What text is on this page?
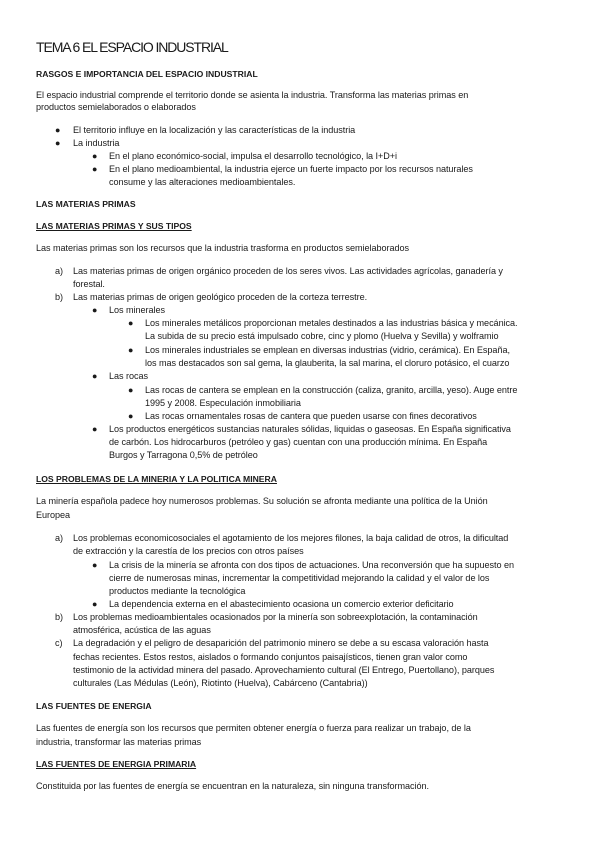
TEMA 6 EL ESPACIO INDUSTRIAL
RASGOS E IMPORTANCIA DEL ESPACIO INDUSTRIAL
El espacio industrial comprende el territorio donde se asienta la industria. Transforma las materias primas en
productos semielaborados o elaborados
● El territorio influye en la localización y las características de la industria
● La industria
● En el plano económico-social, impulsa el desarrollo tecnológico, la I+D+i
● En el plano medioambiental, la industria ejerce un fuerte impacto por los recursos naturales
consume y las alteraciones medioambientales.
LAS MATERIAS PRIMAS
LAS MATERIAS PRIMAS Y SUS TIPOS
Las materias primas son los recursos que la industria trasforma en productos semielaborados
a) Las materias primas de origen orgánico proceden de los seres vivos. Las actividades agrícolas, ganadería y
forestal.
b) Las materias primas de origen geológico proceden de la corteza terrestre.
● Los minerales
● Los minerales metálicos proporcionan metales destinados a las industrias básica y mecánica.
La subida de su precio está impulsado cobre, cinc y plomo (Huelva y Sevilla) y wolframio
● Los minerales industriales se emplean en diversas industrias (vidrio, cerámica). En España,
los mas destacados son sal gema, la glauberita, la sal marina, el cloruro potásico, el cuarzo
● Las rocas
● Las rocas de cantera se emplean en la construcción (caliza, granito, arcilla, yeso). Auge entre
1995 y 2008. Especulación inmobiliaria
● Las rocas ornamentales rosas de cantera que pueden usarse con fines decorativos
● Los productos energéticos sustancias naturales sólidas, liquidas o gaseosas. En España significativa
de carbón. Los hidrocarburos (petróleo y gas) cuentan con una producción mínima. En España
Burgos y Tarragona 0,5% de petróleo
LOS PROBLEMAS DE LA MINERIA Y LA POLITICA MINERA
La minería española padece hoy numerosos problemas. Su solución se afronta mediante una política de la Unión
Europea
a) Los problemas economicosociales el agotamiento de los mejores filones, la baja calidad de otros, la dificultad
de extracción y la carestía de los precios con otros países
● La crisis de la minería se afronta con dos tipos de actuaciones. Una reconversión que ha supuesto en
cierre de numerosas minas, incrementar la competitividad mejorando la calidad y el valor de los
productos mediante la tecnológica
● La dependencia externa en el abastecimiento ocasiona un comercio exterior deficitario
b) Los problemas medioambientales ocasionados por la minería son sobreexplotación, la contaminación
atmosférica, acústica de las aguas
c) La degradación y el peligro de desaparición del patrimonio minero se debe a su escasa valoración hasta
fechas recientes. Estos restos, aislados o formando conjuntos paisajísticos, tienen gran valor como
testimonio de la actividad minera del pasado. Aprovechamiento cultural (El Entrego, Puertollano), parques
culturales (Las Médulas (León), Riotinto (Huelva), Cabárceno (Cantabria))
LAS FUENTES DE ENERGIA
Las fuentes de energía son los recursos que permiten obtener energía o fuerza para realizar un trabajo, de la
industria, transformar las materias primas
LAS FUENTES DE ENERGIA PRIMARIA
Constituida por las fuentes de energía se encuentran en la naturaleza, sin ninguna transformación.
